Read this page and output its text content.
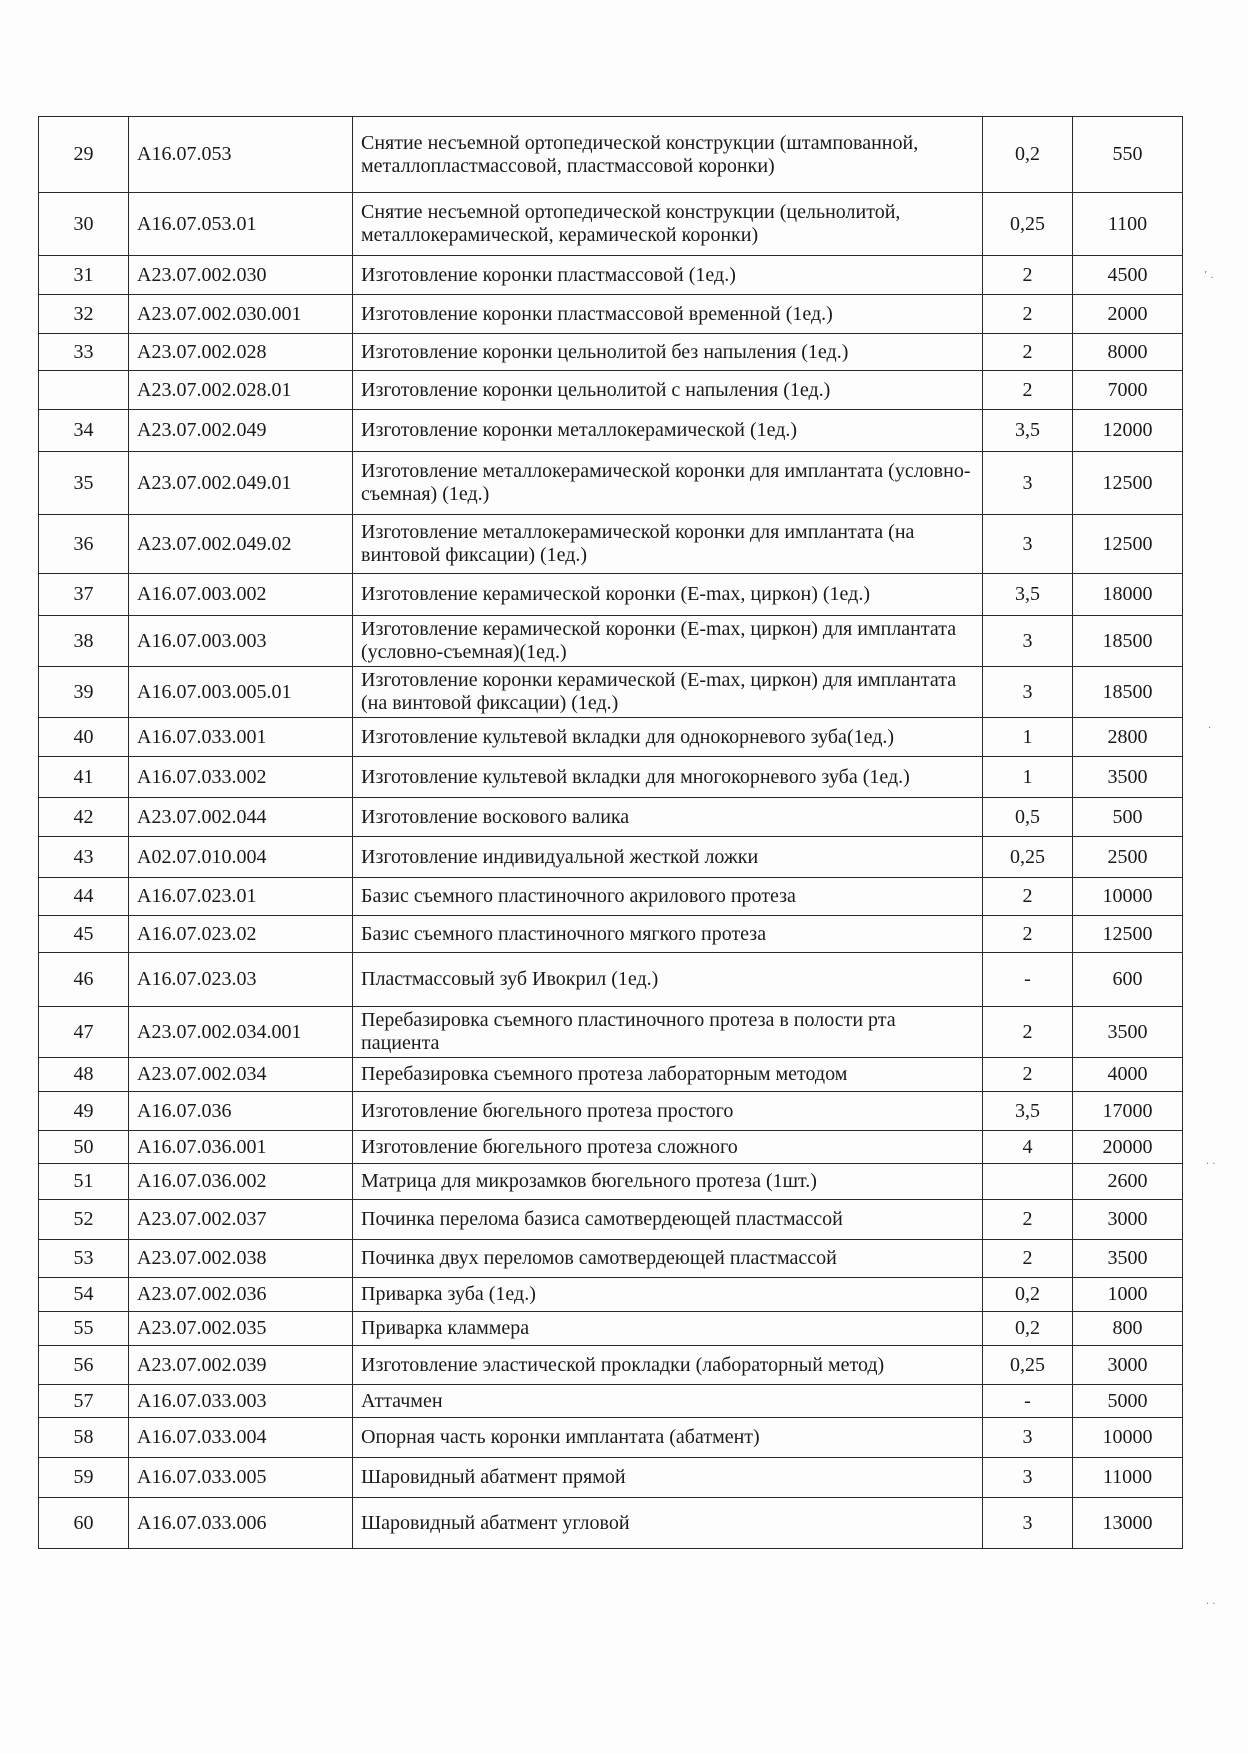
29	A16.07.053	Снятие несъемной ортопедической конструкции (штампованной, металлопластмассовой, пластмассовой коронки)	0,2	550
30	A16.07.053.01	Снятие несъемной ортопедической конструкции (цельнолитой, металлокерамической, керамической коронки)	0,25	1100
31	A23.07.002.030	Изготовление коронки пластмассовой (1ед.)	2	4500
32	A23.07.002.030.001	Изготовление коронки пластмассовой временной (1ед.)	2	2000
33	A23.07.002.028	Изготовление коронки цельнолитой без напыления (1ед.)	2	8000
	A23.07.002.028.01	Изготовление коронки цельнолитой с напыления (1ед.)	2	7000
34	A23.07.002.049	Изготовление коронки металлокерамической (1ед.)	3,5	12000
35	A23.07.002.049.01	Изготовление металлокерамической коронки для имплантата (условно-съемная) (1ед.)	3	12500
36	A23.07.002.049.02	Изготовление металлокерамической коронки для имплантата (на винтовой фиксации) (1ед.)	3	12500
37	A16.07.003.002	Изготовление керамической коронки (E-max, циркон) (1ед.)	3,5	18000
38	A16.07.003.003	Изготовление керамической коронки (E-max, циркон) для имплантата (условно-съемная)(1ед.)	3	18500
39	A16.07.003.005.01	Изготовление коронки керамической (E-max, циркон) для имплантата (на винтовой фиксации) (1ед.)	3	18500
40	A16.07.033.001	Изготовление культевой вкладки для однокорневого зуба(1ед.)	1	2800
41	A16.07.033.002	Изготовление культевой вкладки для многокорневого зуба (1ед.)	1	3500
42	A23.07.002.044	Изготовление воскового валика	0,5	500
43	A02.07.010.004	Изготовление индивидуальной жесткой ложки	0,25	2500
44	A16.07.023.01	Базис съемного пластиночного акрилового протеза	2	10000
45	A16.07.023.02	Базис съемного пластиночного мягкого протеза	2	12500
46	A16.07.023.03	Пластмассовый зуб Ивокрил (1ед.)	-	600
47	A23.07.002.034.001	Перебазировка съемного пластиночного протеза в полости рта пациента	2	3500
48	A23.07.002.034	Перебазировка съемного протеза лабораторным методом	2	4000
49	A16.07.036	Изготовление бюгельного протеза простого	3,5	17000
50	A16.07.036.001	Изготовление бюгельного протеза сложного	4	20000
51	A16.07.036.002	Матрица для микрозамков бюгельного протеза (1шт.)		2600
52	A23.07.002.037	Починка перелома базиса самотвердеющей пластмассой	2	3000
53	A23.07.002.038	Починка двух переломов самотвердеющей пластмассой	2	3500
54	A23.07.002.036	Приварка зуба (1ед.)	0,2	1000
55	A23.07.002.035	Приварка кламмера	0,2	800
56	A23.07.002.039	Изготовление эластической прокладки (лабораторный метод)	0,25	3000
57	A16.07.033.003	Аттачмен	-	5000
58	A16.07.033.004	Опорная часть коронки имплантата (абатмент)	3	10000
59	A16.07.033.005	Шаровидный абатмент прямой	3	11000
60	A16.07.033.006	Шаровидный абатмент угловой	3	13000
’ .
.
. .
. .
